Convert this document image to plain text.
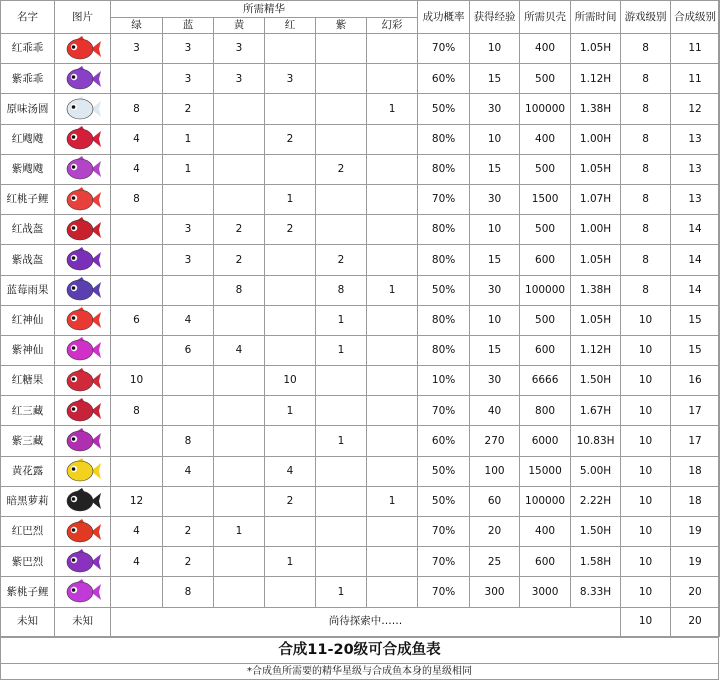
名字	图片	所需精华						成功概率	获得经验	所需贝壳	所需时间	游戏级别	合成级别
		绿	蓝	黄	红	紫	幻彩						
红乖乖		3	3	3				70%	10	400	1.05H	8	11
紫乖乖			3	3	3			60%	15	500	1.12H	8	11
原味汤圆		8	2				1	50%	30	100000	1.38H	8	12
红飕飕		4	1		2			80%	10	400	1.00H	8	13
紫飕飕		4	1			2		80%	15	500	1.05H	8	13
红桃子鲤		8			1			70%	30	1500	1.07H	8	13
红战盔			3	2	2			80%	10	500	1.00H	8	14
紫战盔			3	2		2		80%	15	600	1.05H	8	14
蓝莓雨果				8		8	1	50%	30	100000	1.38H	8	14
红神仙		6	4			1		80%	10	500	1.05H	10	15
紫神仙			6	4		1		80%	15	600	1.12H	10	15
红糖果		10			10			10%	30	6666	1.50H	10	16
红三藏		8			1			70%	40	800	1.67H	10	17
紫三藏			8			1		60%	270	6000	10.83H	10	17
黄花露			4		4			50%	100	15000	5.00H	10	18
暗黑萝莉		12			2		1	50%	60	100000	2.22H	10	18
红巴烈		4	2	1				70%	20	400	1.50H	10	19
紫巴烈		4	2		1			70%	25	600	1.58H	10	19
紫桃子鲤			8			1		70%	300	3000	8.33H	10	20
未知	未知	尚待探索中……										10	20
合成11-20级可合成鱼表
*合成鱼所需要的精华星级与合成鱼本身的星级相同
